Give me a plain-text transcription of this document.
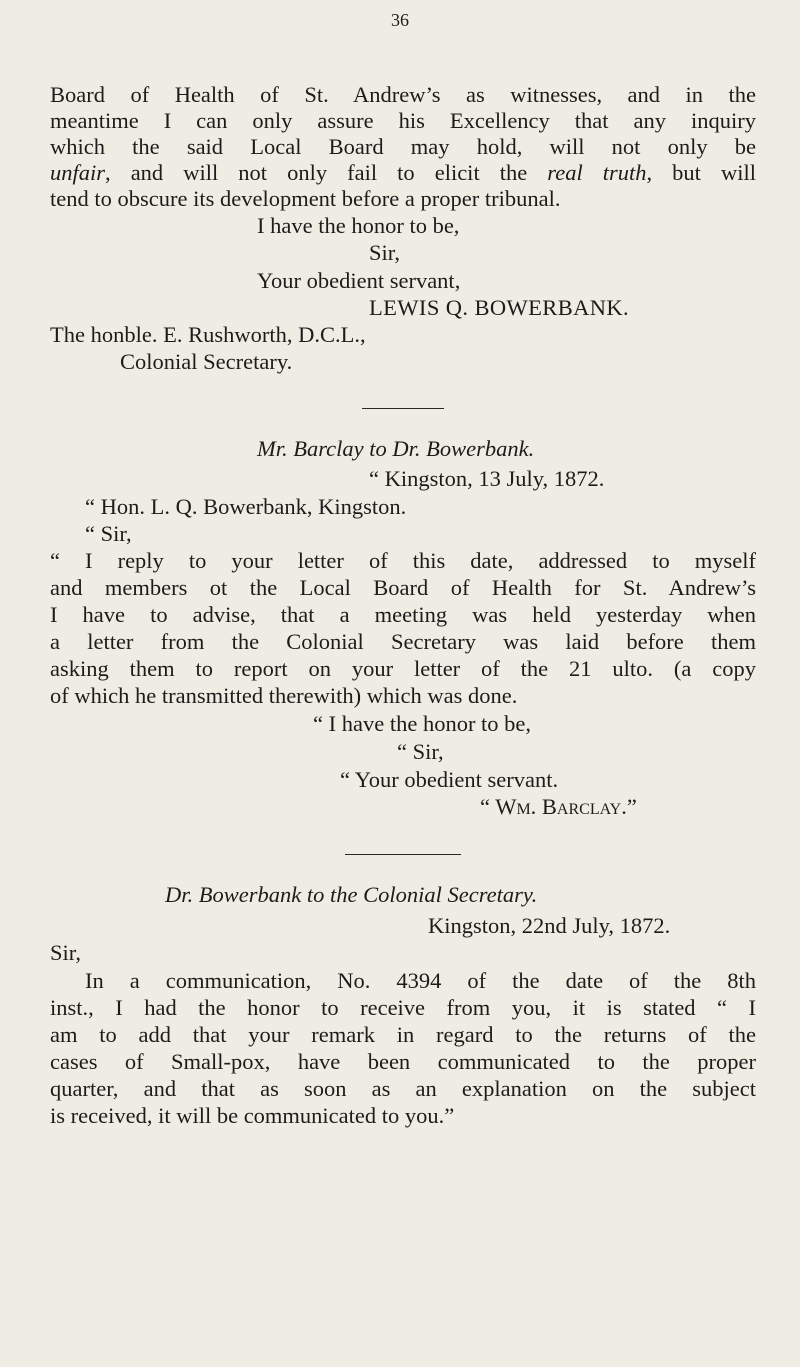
36
Board of Health of St. Andrew’s as witnesses, and in the
meantime I can only assure his Excellency that any inquiry
which the said Local Board may hold, will not only be
unfair, and will not only fail to elicit the real truth, but will
tend to obscure its development before a proper tribunal.
I have the honor to be,
Sir,
Your obedient servant,
LEWIS Q. BOWERBANK.
The honble. E. Rushworth, D.C.L.,
Colonial Secretary.
Mr. Barclay to Dr. Bowerbank.
“ Kingston, 13 July, 1872.
“ Hon. L. Q. Bowerbank, Kingston.
“ Sir,
“ I reply to your letter of this date, addressed to myself
and members ot the Local Board of Health for St. Andrew’s
I have to advise, that a meeting was held yesterday when
a letter from the Colonial Secretary was laid before them
asking them to report on your letter of the 21 ulto. (a copy
of which he transmitted therewith) which was done.
“ I have the honor to be,
“ Sir,
“ Your obedient servant.
“ Wm. Barclay.”
Dr. Bowerbank to the Colonial Secretary.
Kingston, 22nd July, 1872.
Sir,
In a communication, No. 4394 of the date of the 8th
inst., I had the honor to receive from you, it is stated “ I
am to add that your remark in regard to the returns of the
cases of Small-pox, have been communicated to the proper
quarter, and that as soon as an explanation on the subject
is received, it will be communicated to you.”
